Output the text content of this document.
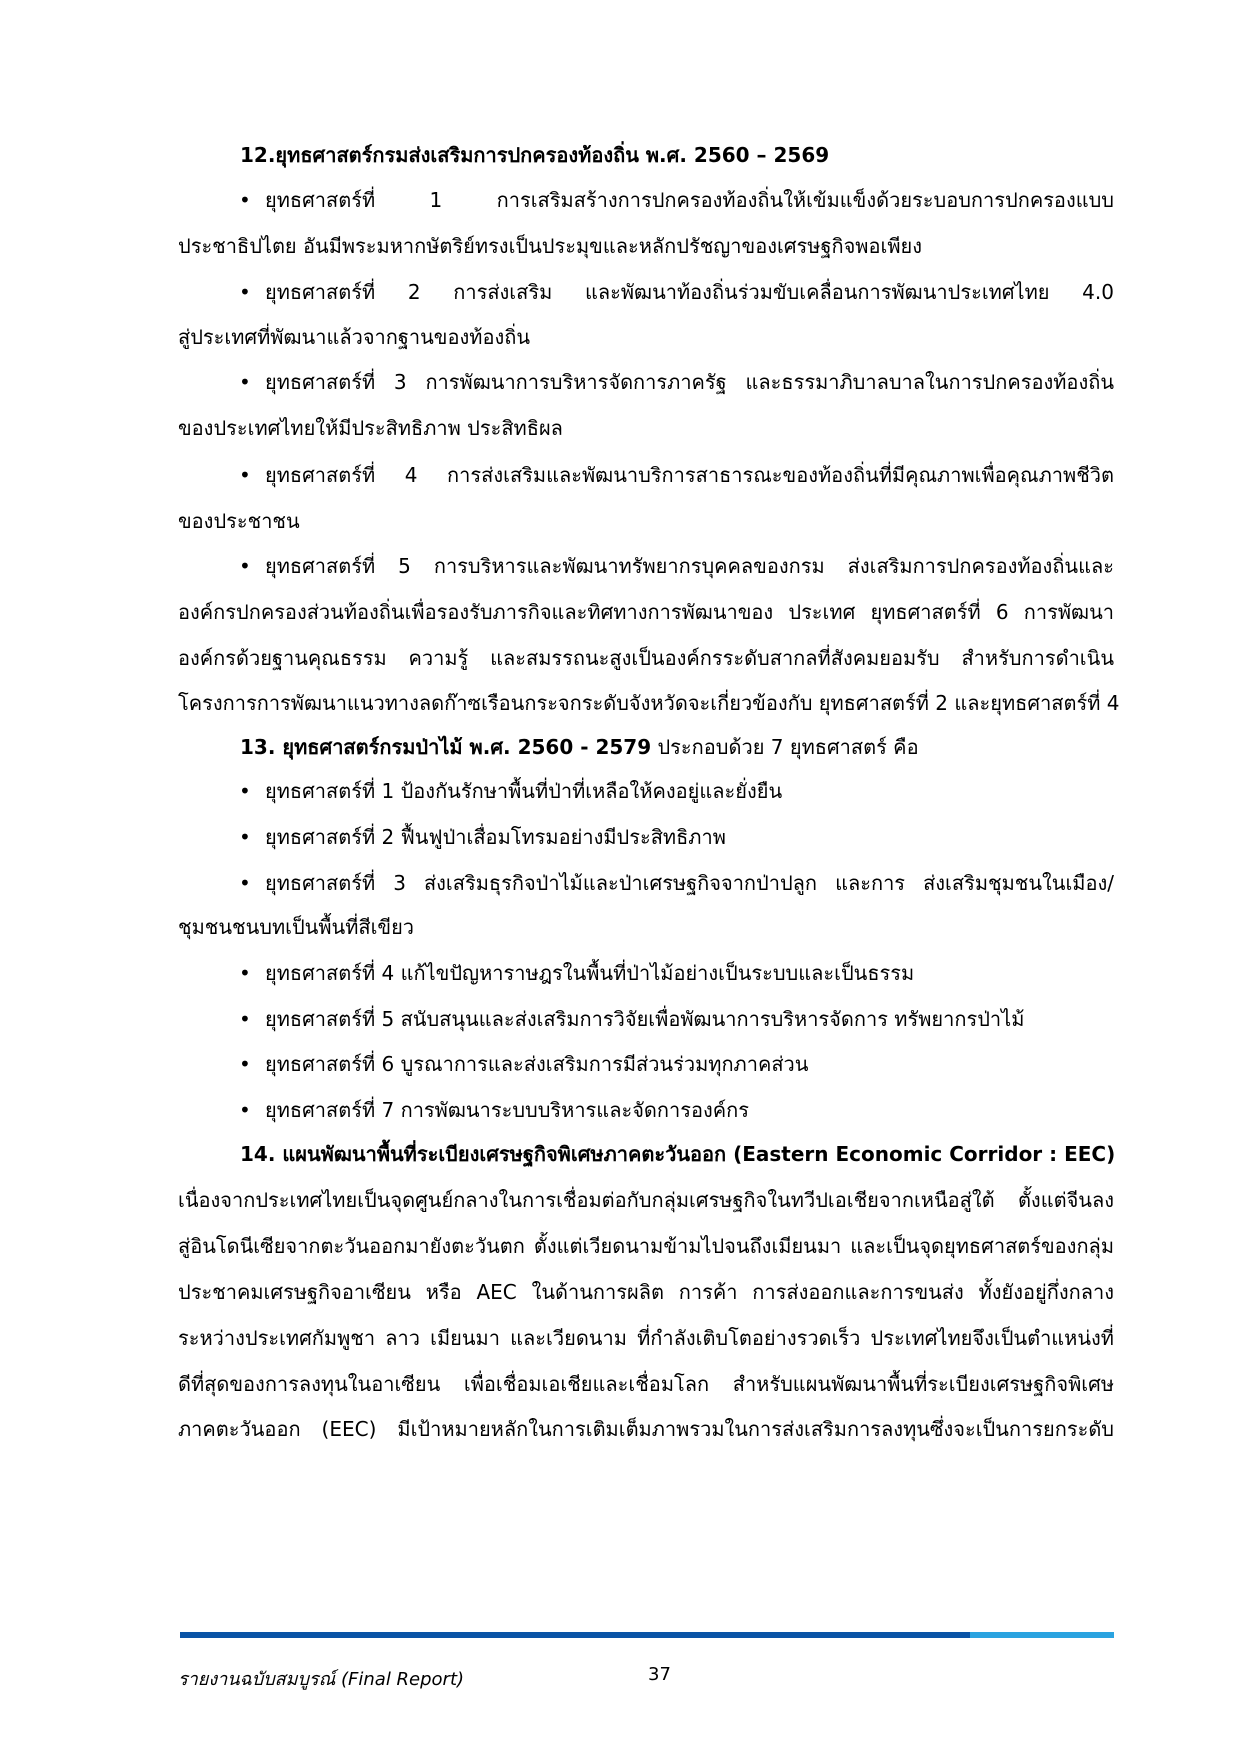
12.ยุทธศาสตร์กรมส่งเสริมการปกครองท้องถิ่น พ.ศ. 2560 – 2569
• ยุทธศาสตร์ที่ 1 การเสริมสร้างการปกครองท้องถิ่นให้เข้มแข็งด้วยระบอบการปกครองแบบ
ประชาธิปไตย อันมีพระมหากษัตริย์ทรงเป็นประมุขและหลักปรัชญาของเศรษฐกิจพอเพียง
• ยุทธศาสตร์ที่ 2 การส่งเสริม และพัฒนาท้องถิ่นร่วมขับเคลื่อนการพัฒนาประเทศไทย 4.0
สู่ประเทศที่พัฒนาแล้วจากฐานของท้องถิ่น
• ยุทธศาสตร์ที่ 3 การพัฒนาการบริหารจัดการภาครัฐ และธรรมาภิบาลบาลในการปกครองท้องถิ่น
ของประเทศไทยให้มีประสิทธิภาพ ประสิทธิผล
• ยุทธศาสตร์ที่ 4 การส่งเสริมและพัฒนาบริการสาธารณะของท้องถิ่นที่มีคุณภาพเพื่อคุณภาพชีวิต
ของประชาชน
• ยุทธศาสตร์ที่ 5 การบริหารและพัฒนาทรัพยากรบุคคลของกรม ส่งเสริมการปกครองท้องถิ่นและ
องค์กรปกครองส่วนท้องถิ่นเพื่อรองรับภารกิจและทิศทางการพัฒนาของ ประเทศ ยุทธศาสตร์ที่ 6 การพัฒนา
องค์กรด้วยฐานคุณธรรม ความรู้ และสมรรถนะสูงเป็นองค์กรระดับสากลที่สังคมยอมรับ สำหรับการดำเนิน
โครงการการพัฒนาแนวทางลดก๊าซเรือนกระจกระดับจังหวัดจะเกี่ยวข้องกับ ยุทธศาสตร์ที่ 2 และยุทธศาสตร์ที่ 4
13. ยุทธศาสตร์กรมป่าไม้ พ.ศ. 2560 - 2579 ประกอบด้วย 7 ยุทธศาสตร์ คือ
• ยุทธศาสตร์ที่ 1 ป้องกันรักษาพื้นที่ป่าที่เหลือให้คงอยู่และยั่งยืน
• ยุทธศาสตร์ที่ 2 ฟื้นฟูป่าเสื่อมโทรมอย่างมีประสิทธิภาพ
• ยุทธศาสตร์ที่ 3 ส่งเสริมธุรกิจป่าไม้และป่าเศรษฐกิจจากป่าปลูก และการ ส่งเสริมชุมชนในเมือง/
ชุมชนชนบทเป็นพื้นที่สีเขียว
• ยุทธศาสตร์ที่ 4 แก้ไขปัญหาราษฎรในพื้นที่ป่าไม้อย่างเป็นระบบและเป็นธรรม
• ยุทธศาสตร์ที่ 5 สนับสนุนและส่งเสริมการวิจัยเพื่อพัฒนาการบริหารจัดการ ทรัพยากรป่าไม้
• ยุทธศาสตร์ที่ 6 บูรณาการและส่งเสริมการมีส่วนร่วมทุกภาคส่วน
• ยุทธศาสตร์ที่ 7 การพัฒนาระบบบริหารและจัดการองค์กร
14. แผนพัฒนาพื้นที่ระเบียงเศรษฐกิจพิเศษภาคตะวันออก (Eastern Economic Corridor : EEC)
เนื่องจากประเทศไทยเป็นจุดศูนย์กลางในการเชื่อมต่อกับกลุ่มเศรษฐกิจในทวีปเอเชียจากเหนือสู่ใต้ ตั้งแต่จีนลง
สู่อินโดนีเซียจากตะวันออกมายังตะวันตก ตั้งแต่เวียดนามข้ามไปจนถึงเมียนมา และเป็นจุดยุทธศาสตร์ของกลุ่ม
ประชาคมเศรษฐกิจอาเซียน หรือ AEC ในด้านการผลิต การค้า การส่งออกและการขนส่ง ทั้งยังอยู่กึ่งกลาง
ระหว่างประเทศกัมพูชา ลาว เมียนมา และเวียดนาม ที่กำลังเติบโตอย่างรวดเร็ว ประเทศไทยจึงเป็นตำแหน่งที่
ดีที่สุดของการลงทุนในอาเซียน เพื่อเชื่อมเอเชียและเชื่อมโลก สำหรับแผนพัฒนาพื้นที่ระเบียงเศรษฐกิจพิเศษ
ภาคตะวันออก (EEC) มีเป้าหมายหลักในการเติมเต็มภาพรวมในการส่งเสริมการลงทุนซึ่งจะเป็นการยกระดับ
รายงานฉบับสมบูรณ์ (Final Report)	37
